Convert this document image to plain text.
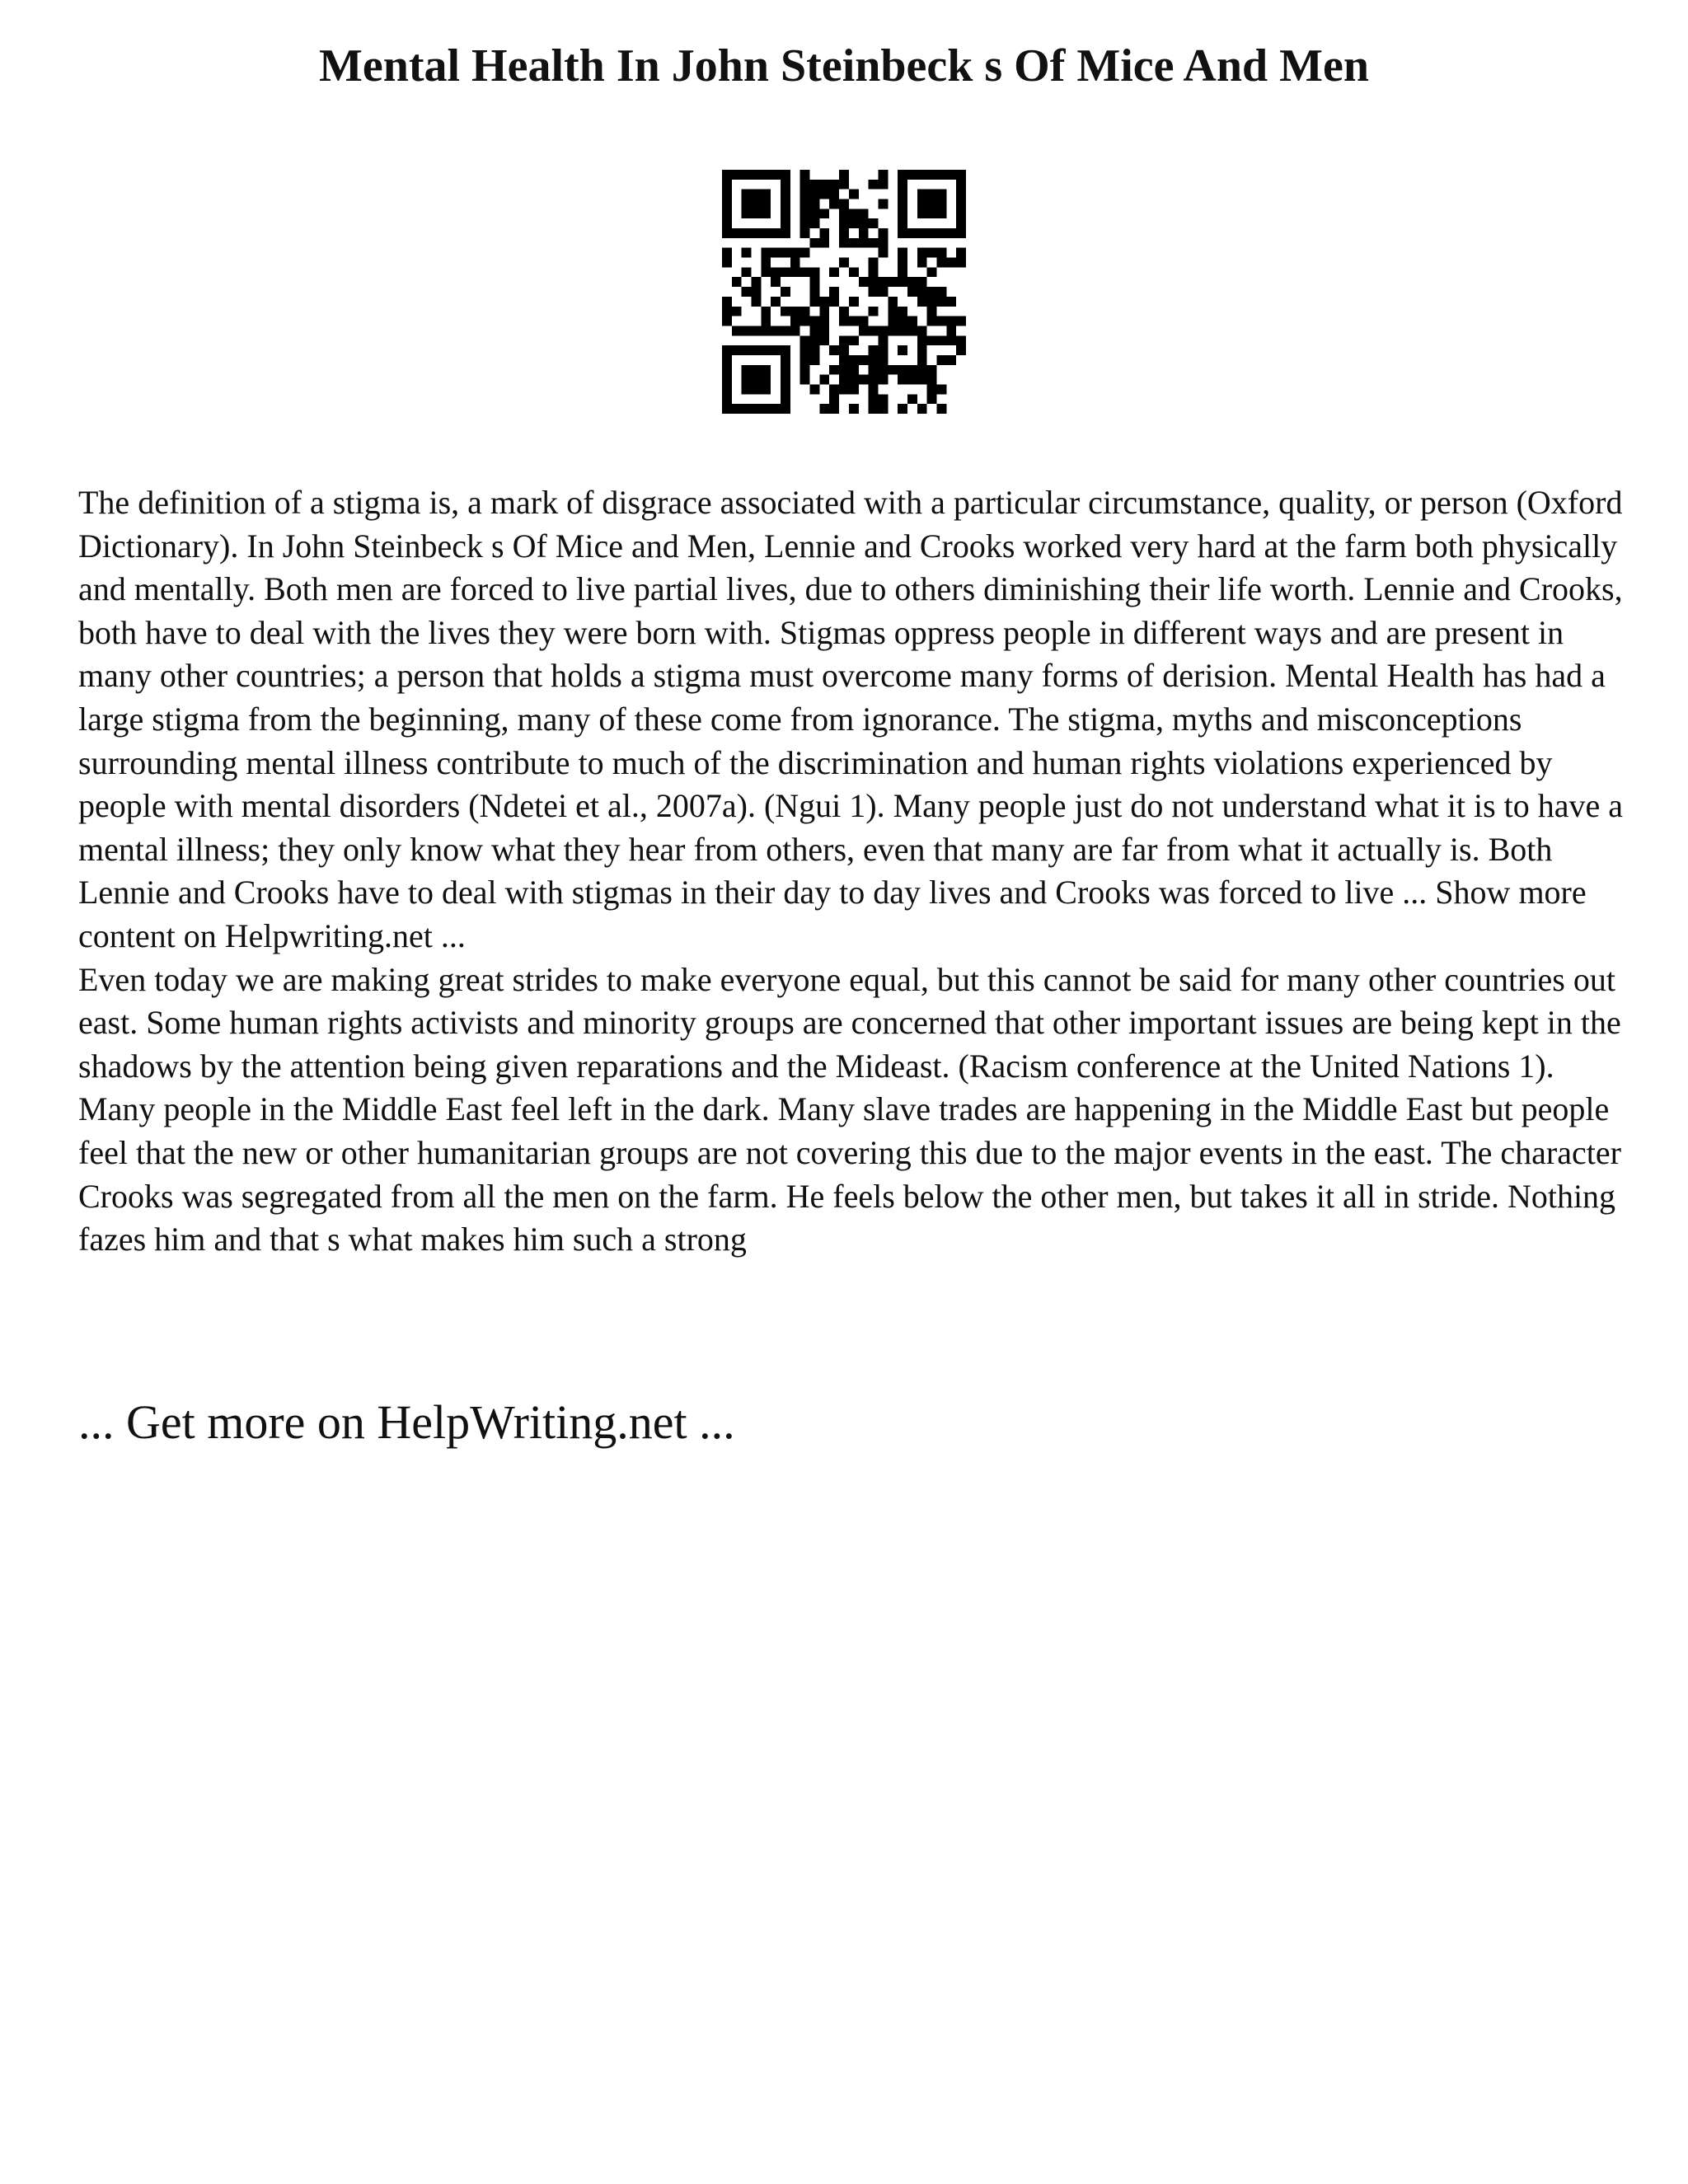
Mental Health In John Steinbeck s Of Mice And Men

The definition of a stigma is, a mark of disgrace associated with a particular circumstance, quality, or person (Oxford Dictionary). In John Steinbeck s Of Mice and Men, Lennie and Crooks worked very hard at the farm both physically and mentally. Both men are forced to live partial lives, due to others diminishing their life worth. Lennie and Crooks, both have to deal with the lives they were born with. Stigmas oppress people in different ways and are present in many other countries; a person that holds a stigma must overcome many forms of derision. Mental Health has had a large stigma from the beginning, many of these come from ignorance. The stigma, myths and misconceptions surrounding mental illness contribute to much of the discrimination and human rights violations experienced by people with mental disorders (Ndetei et al., 2007a). (Ngui 1). Many people just do not understand what it is to have a mental illness; they only know what they hear from others, even that many are far from what it actually is. Both Lennie and Crooks have to deal with stigmas in their day to day lives and Crooks was forced to live ... Show more content on Helpwriting.net ...

Even today we are making great strides to make everyone equal, but this cannot be said for many other countries out east. Some human rights activists and minority groups are concerned that other important issues are being kept in the shadows by the attention being given reparations and the Mideast. (Racism conference at the United Nations 1). Many people in the Middle East feel left in the dark. Many slave trades are happening in the Middle East but people feel that the new or other humanitarian groups are not covering this due to the major events in the east. The character Crooks was segregated from all the men on the farm. He feels below the other men, but takes it all in stride. Nothing fazes him and that s what makes him such a strong

... Get more on HelpWriting.net ...
